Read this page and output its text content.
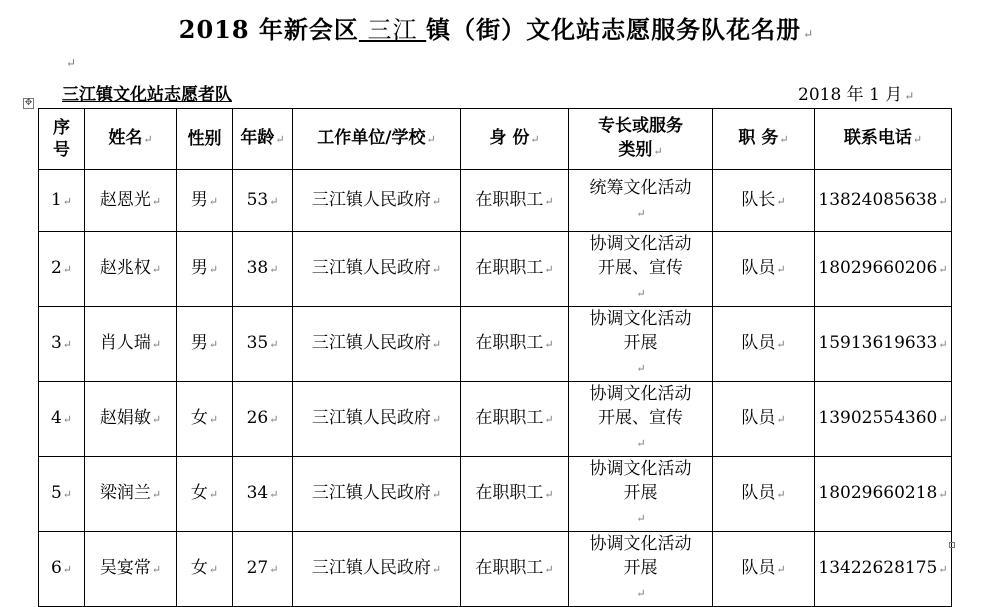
2018 年新会区 三江 镇（街）文化站志愿服务队花名册 ↵
↵
三江镇文化站志愿者队	2018 年 1 月 ↵
✥
序号	姓名↵	性别	年龄↵	工作单位/学校↵	身 份↵	专长或服务
类别↵	职 务↵	联系电话↵
1↵	赵恩光↵	男↵	53↵	三江镇人民政府↵	在职职工↵	统筹文化活动
↵	队长↵	13824085638↵
2↵	赵兆权↵	男↵	38↵	三江镇人民政府↵	在职职工↵	协调文化活动
开展、宣传
↵	队员↵	18029660206↵
3↵	肖人瑞↵	男↵	35↵	三江镇人民政府↵	在职职工↵	协调文化活动
开展
↵	队员↵	15913619633↵
4↵	赵娟敏↵	女↵	26↵	三江镇人民政府↵	在职职工↵	协调文化活动
开展、宣传
↵	队员↵	13902554360↵
5↵	梁润兰↵	女↵	34↵	三江镇人民政府↵	在职职工↵	协调文化活动
开展
↵	队员↵	18029660218↵
6↵	吴宴常↵	女↵	27↵	三江镇人民政府↵	在职职工↵	协调文化活动
开展
↵	队员↵	13422628175↵
